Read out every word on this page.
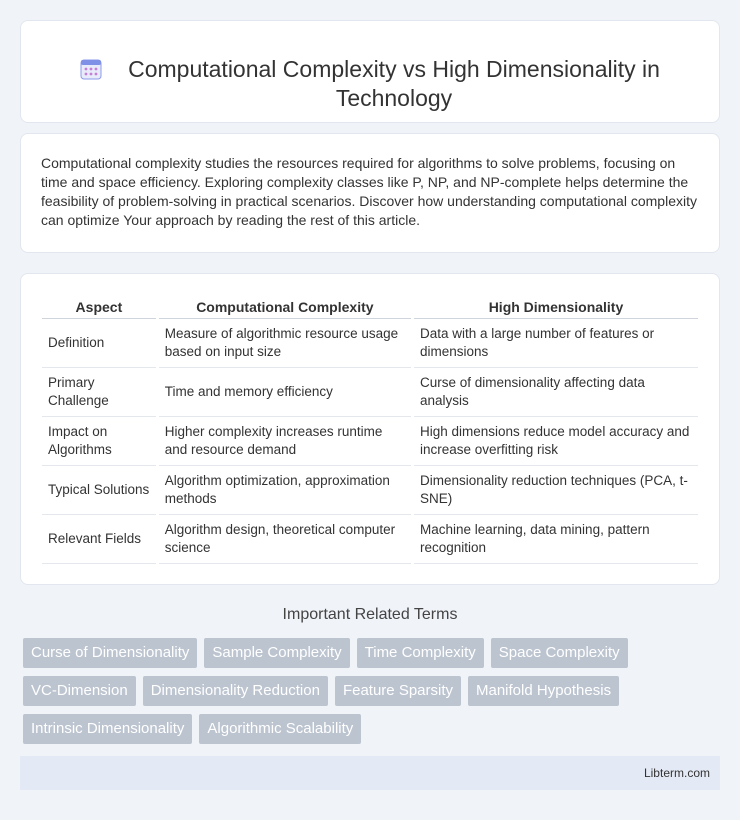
Computational Complexity vs High Dimensionality in
Technology

Computational complexity studies the resources required for algorithms to solve problems, focusing on time and space efficiency. Exploring complexity classes like P, NP, and NP-complete helps determine the feasibility of problem-solving in practical scenarios. Discover how understanding computational complexity can optimize Your approach by reading the rest of this article.

Aspect	Computational Complexity	High Dimensionality
Definition	Measure of algorithmic resource usage based on input size	Data with a large number of features or dimensions
Primary Challenge	Time and memory efficiency	Curse of dimensionality affecting data analysis
Impact on Algorithms	Higher complexity increases runtime and resource demand	High dimensions reduce model accuracy and increase overfitting risk
Typical Solutions	Algorithm optimization, approximation methods	Dimensionality reduction techniques (PCA, t-SNE)
Relevant Fields	Algorithm design, theoretical computer science	Machine learning, data mining, pattern recognition
Important Related Terms
Curse of Dimensionality	Sample Complexity	Time Complexity	Space Complexity
VC-Dimension	Dimensionality Reduction	Feature Sparsity	Manifold Hypothesis
Intrinsic Dimensionality	Algorithmic Scalability
Libterm.com
